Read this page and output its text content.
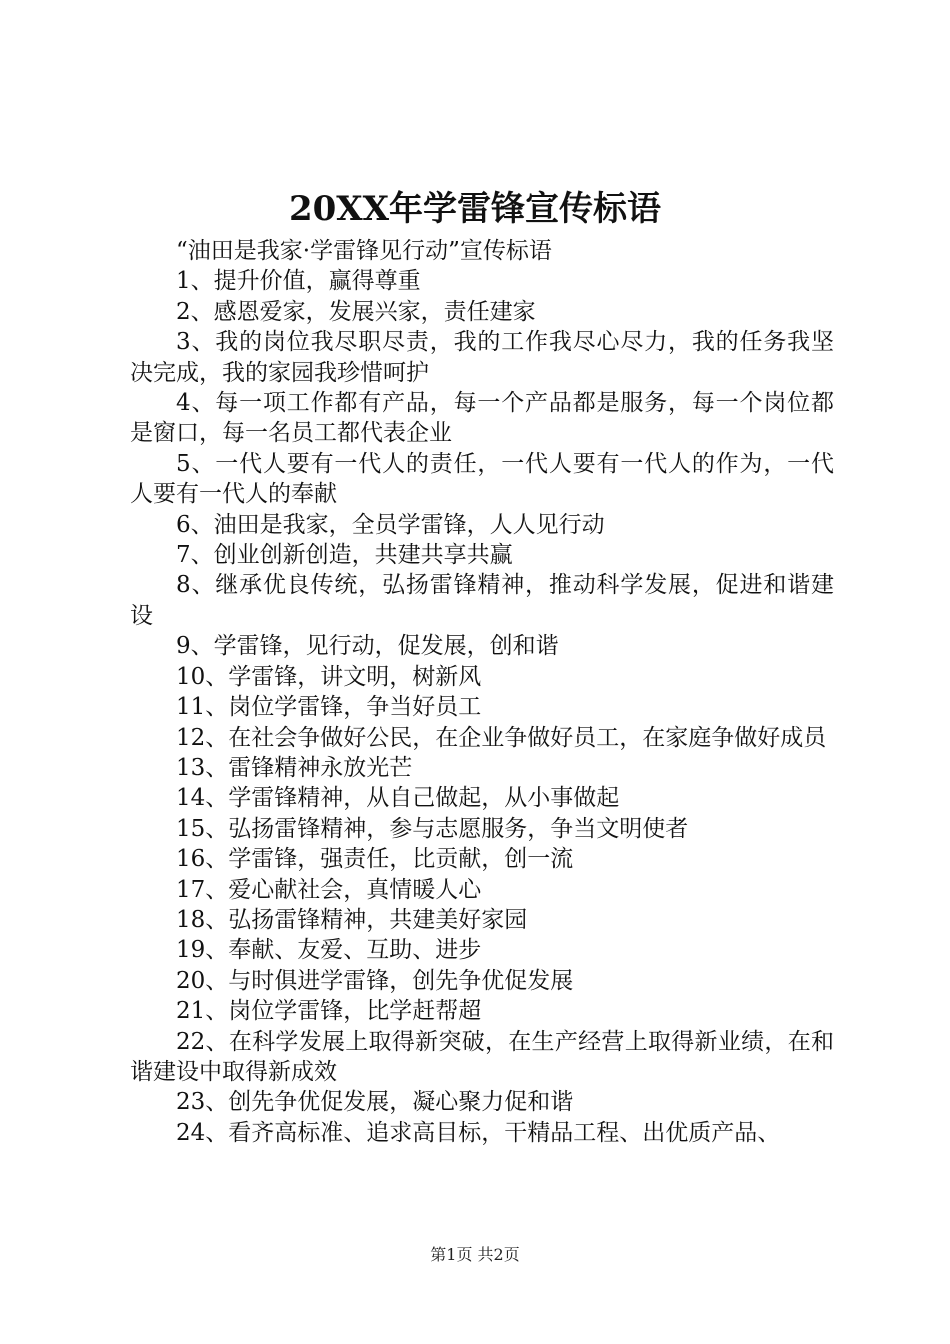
20XX年学雷锋宣传标语

“油田是我家·学雷锋见行动”宣传标语

1、提升价值，赢得尊重

2、感恩爱家，发展兴家，责任建家

3、我的岗位我尽职尽责，我的工作我尽心尽力，我的任务我坚决完成，我的家园我珍惜呵护

4、每一项工作都有产品，每一个产品都是服务，每一个岗位都是窗口，每一名员工都代表企业

5、一代人要有一代人的责任，一代人要有一代人的作为，一代人要有一代人的奉献

6、油田是我家，全员学雷锋，人人见行动

7、创业创新创造，共建共享共赢

8、继承优良传统，弘扬雷锋精神，推动科学发展，促进和谐建设

9、学雷锋，见行动，促发展，创和谐

10、学雷锋，讲文明，树新风

11、岗位学雷锋，争当好员工

12、在社会争做好公民，在企业争做好员工，在家庭争做好成员

13、雷锋精神永放光芒

14、学雷锋精神，从自己做起，从小事做起

15、弘扬雷锋精神，参与志愿服务，争当文明使者

16、学雷锋，强责任，比贡献，创一流

17、爱心献社会，真情暖人心

18、弘扬雷锋精神，共建美好家园

19、奉献、友爱、互助、进步

20、与时俱进学雷锋，创先争优促发展

21、岗位学雷锋，比学赶帮超

22、在科学发展上取得新突破，在生产经营上取得新业绩，在和谐建设中取得新成效

23、创先争优促发展，凝心聚力促和谐

24、看齐高标准、追求高目标，干精品工程、出优质产品、

第1页 共2页
